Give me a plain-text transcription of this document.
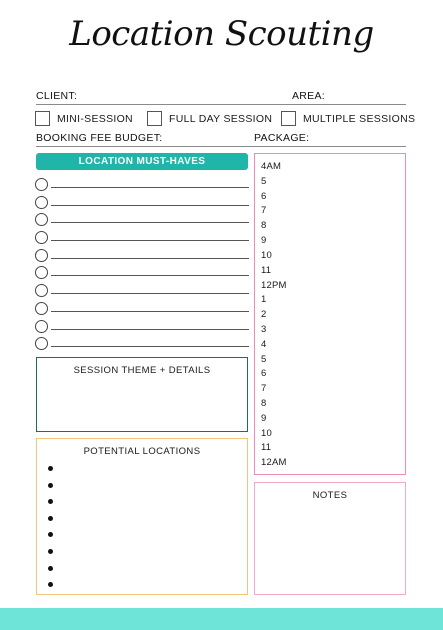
Location Scouting
CLIENT:	AREA:
MINI-SESSION	FULL DAY SESSION	MULTIPLE SESSIONS
BOOKING FEE BUDGET:	PACKAGE:
LOCATION MUST-HAVES
SESSION THEME + DETAILS
POTENTIAL LOCATIONS
4AM
5
6
7
8
9
10
11
12PM
1
2
3
4
5
6
7
8
9
10
11
12AM
NOTES
